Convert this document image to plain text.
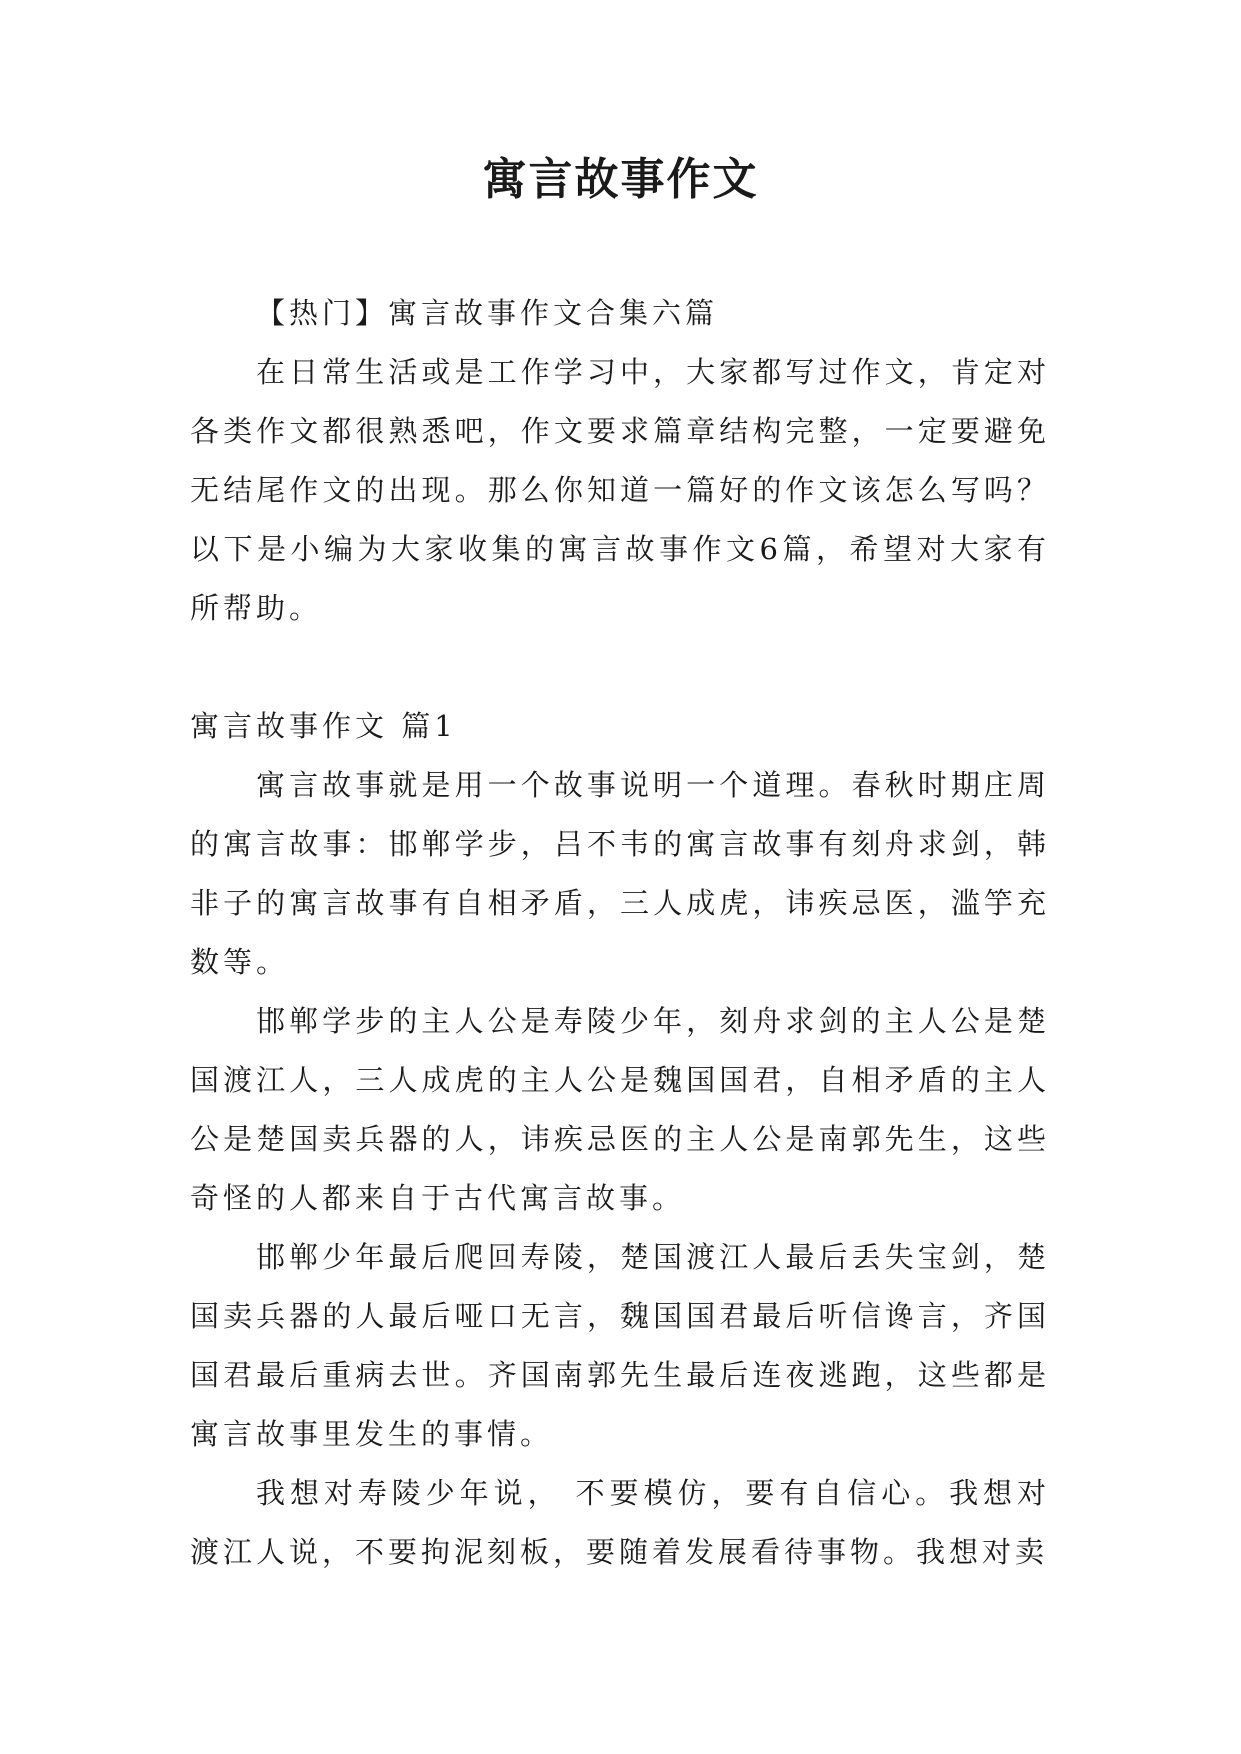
寓言故事作文

【热门】寓言故事作文合集六篇

在日常生活或是工作学习中，大家都写过作文，肯定对各类作文都很熟悉吧，作文要求篇章结构完整，一定要避免无结尾作文的出现。那么你知道一篇好的作文该怎么写吗？以下是小编为大家收集的寓言故事作文6篇，希望对大家有所帮助。

寓言故事作文 篇1

寓言故事就是用一个故事说明一个道理。春秋时期庄周的寓言故事：邯郸学步，吕不韦的寓言故事有刻舟求剑，韩非子的寓言故事有自相矛盾，三人成虎，讳疾忌医，滥竽充数等。

邯郸学步的主人公是寿陵少年，刻舟求剑的主人公是楚国渡江人，三人成虎的主人公是魏国国君，自相矛盾的主人公是楚国卖兵器的人，讳疾忌医的主人公是南郭先生，这些奇怪的人都来自于古代寓言故事。

邯郸少年最后爬回寿陵，楚国渡江人最后丢失宝剑，楚国卖兵器的人最后哑口无言，魏国国君最后听信谗言，齐国国君最后重病去世。齐国南郭先生最后连夜逃跑，这些都是寓言故事里发生的事情。

我想对寿陵少年说， 不要模仿，要有自信心。我想对渡江人说，不要拘泥刻板，要随着发展看待事物。我想对卖
